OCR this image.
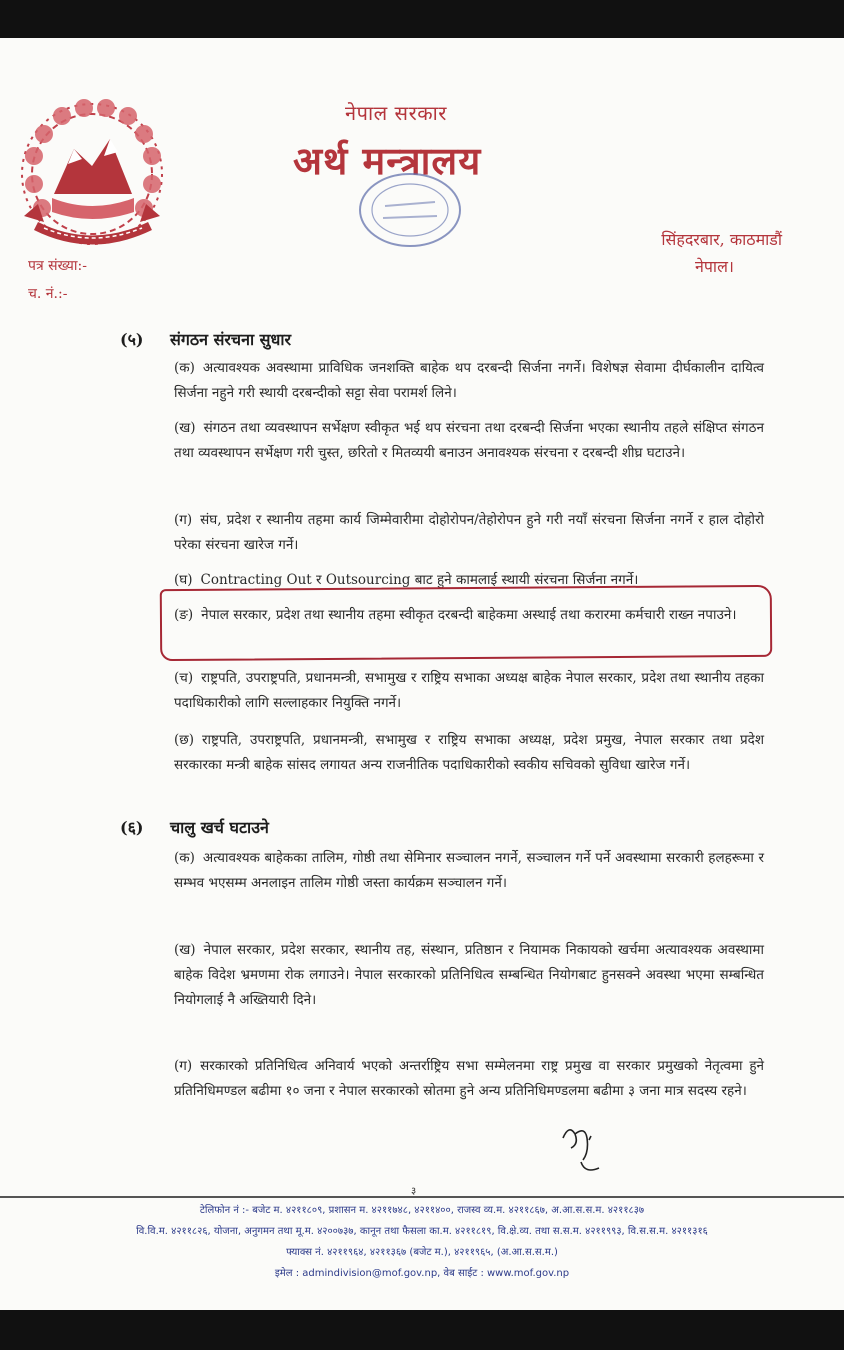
नेपाल सरकार
अर्थ मन्त्रालय
सिंहदरबार, काठमाडौं
नेपाल।
पत्र संख्या:-
च. नं.:-
(५) संगठन संरचना सुधार
(क) अत्यावश्यक अवस्थामा प्राविधिक जनशक्ति बाहेक थप दरबन्दी सिर्जना नगर्ने। विशेषज्ञ सेवामा दीर्घकालीन दायित्व सिर्जना नहुने गरी स्थायी दरबन्दीको सट्टा सेवा परामर्श लिने।
(ख) संगठन तथा व्यवस्थापन सर्भेक्षण स्वीकृत भई थप संरचना तथा दरबन्दी सिर्जना भएका स्थानीय तहले संक्षिप्त संगठन तथा व्यवस्थापन सर्भेक्षण गरी चुस्त, छरितो र मितव्ययी बनाउन अनावश्यक संरचना र दरबन्दी शीघ्र घटाउने।
(ग) संघ, प्रदेश र स्थानीय तहमा कार्य जिम्मेवारीमा दोहोरोपन/तेहोरोपन हुने गरी नयाँ संरचना सिर्जना नगर्ने र हाल दोहोरो परेका संरचना खारेज गर्ने।
(घ) Contracting Out र Outsourcing बाट हुने कामलाई स्थायी संरचना सिर्जना नगर्ने।
(ङ) नेपाल सरकार, प्रदेश तथा स्थानीय तहमा स्वीकृत दरबन्दी बाहेकमा अस्थाई तथा करारमा कर्मचारी राख्न नपाउने।
(च) राष्ट्रपति, उपराष्ट्रपति, प्रधानमन्त्री, सभामुख र राष्ट्रिय सभाका अध्यक्ष बाहेक नेपाल सरकार, प्रदेश तथा स्थानीय तहका पदाधिकारीको लागि सल्लाहकार नियुक्ति नगर्ने।
(छ) राष्ट्रपति, उपराष्ट्रपति, प्रधानमन्त्री, सभामुख र राष्ट्रिय सभाका अध्यक्ष, प्रदेश प्रमुख, नेपाल सरकार तथा प्रदेश सरकारका मन्त्री बाहेक सांसद लगायत अन्य राजनीतिक पदाधिकारीको स्वकीय सचिवको सुविधा खारेज गर्ने।
(६) चालु खर्च घटाउने
(क) अत्यावश्यक बाहेकका तालिम, गोष्ठी तथा सेमिनार सञ्चालन नगर्ने, सञ्चालन गर्ने पर्ने अवस्थामा सरकारी हलहरूमा र सम्भव भएसम्म अनलाइन तालिम गोष्ठी जस्ता कार्यक्रम सञ्चालन गर्ने।
(ख) नेपाल सरकार, प्रदेश सरकार, स्थानीय तह, संस्थान, प्रतिष्ठान र नियामक निकायको खर्चमा अत्यावश्यक अवस्थामा बाहेक विदेश भ्रमणमा रोक लगाउने। नेपाल सरकारको प्रतिनिधित्व सम्बन्धित नियोगबाट हुनसक्ने अवस्था भएमा सम्बन्धित नियोगलाई नै अख्तियारी दिने।
(ग) सरकारको प्रतिनिधित्व अनिवार्य भएको अन्तर्राष्ट्रिय सभा सम्मेलनमा राष्ट्र प्रमुख वा सरकार प्रमुखको नेतृत्वमा हुने प्रतिनिधिमण्डल बढीमा १० जना र नेपाल सरकारको स्रोतमा हुने अन्य प्रतिनिधिमण्डलमा बढीमा ३ जना मात्र सदस्य रहने।
३
टेलिफोन नं :- बजेट म. ४२११८०९, प्रशासन म. ४२११७४८, ४२११४००, राजस्व व्य.म. ४२११८६७, अ.आ.स.स.म. ४२११८३७
वि.वि.म. ४२११८२६, योजना, अनुगमन तथा मू.म. ४२००७३७, कानून तथा फैसला का.म. ४२११८१९, वि.क्षे.व्य. तथा स.स.म. ४२११९९३, वि.स.स.म. ४२११३१६
फ्याक्स नं. ४२११९६४, ४२११३६७ (बजेट म.), ४२११९६५, (अ.आ.स.स.म.)
इमेल : admindivision@mof.gov.np, वेब साईट : www.mof.gov.np
